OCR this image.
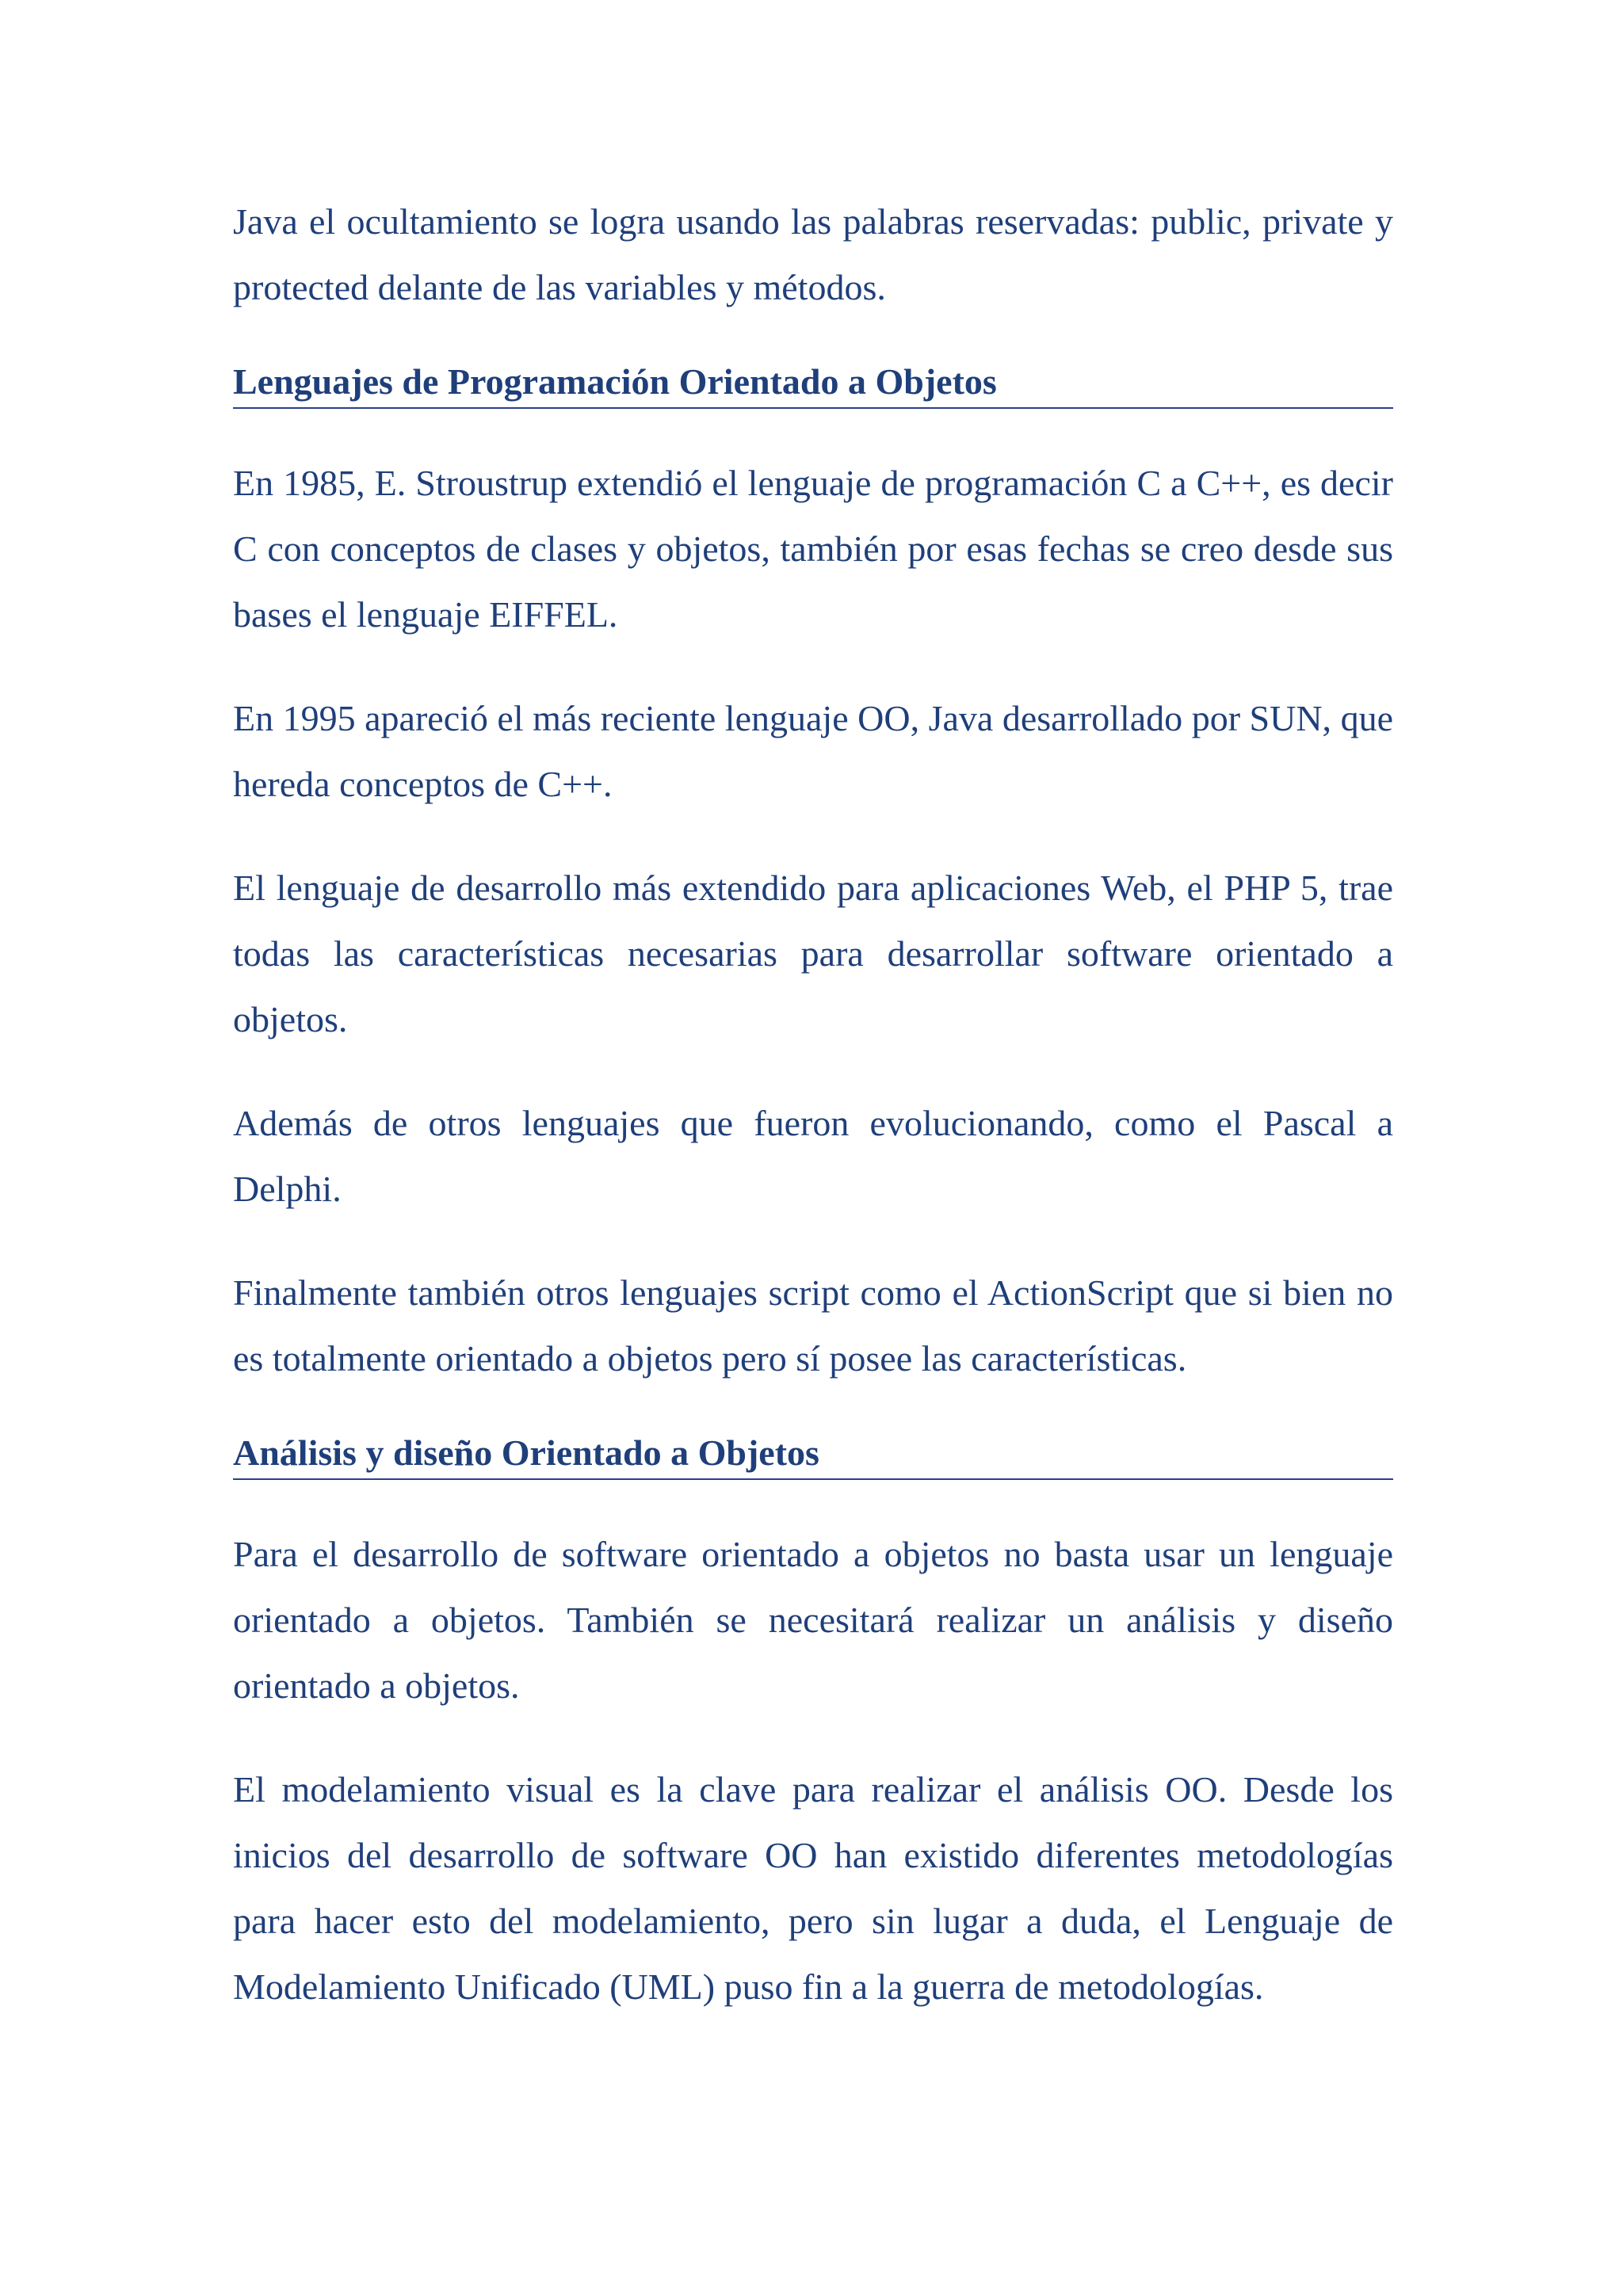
Java el ocultamiento se logra usando las palabras reservadas: public, private y protected delante de las variables y métodos.

Lenguajes de Programación Orientado a Objetos

En 1985, E. Stroustrup extendió el lenguaje de programación C a C++, es decir C con conceptos de clases y objetos, también por esas fechas se creo desde sus bases el lenguaje EIFFEL.

En 1995 apareció el más reciente lenguaje OO, Java desarrollado por SUN, que hereda conceptos de C++.

El lenguaje de desarrollo más extendido para aplicaciones Web, el PHP 5, trae todas las características necesarias para desarrollar software orientado a objetos.

Además de otros lenguajes que fueron evolucionando, como el Pascal a Delphi.

Finalmente también otros lenguajes script como el ActionScript que si bien no es totalmente orientado a objetos pero sí posee las características.

Análisis y diseño Orientado a Objetos

Para el desarrollo de software orientado a objetos no basta usar un lenguaje orientado a objetos. También se necesitará realizar un análisis y diseño orientado a objetos.

El modelamiento visual es la clave para realizar el análisis OO. Desde los inicios del desarrollo de software OO han existido diferentes metodologías para hacer esto del modelamiento, pero sin lugar a duda, el Lenguaje de Modelamiento Unificado (UML) puso fin a la guerra de metodologías.
